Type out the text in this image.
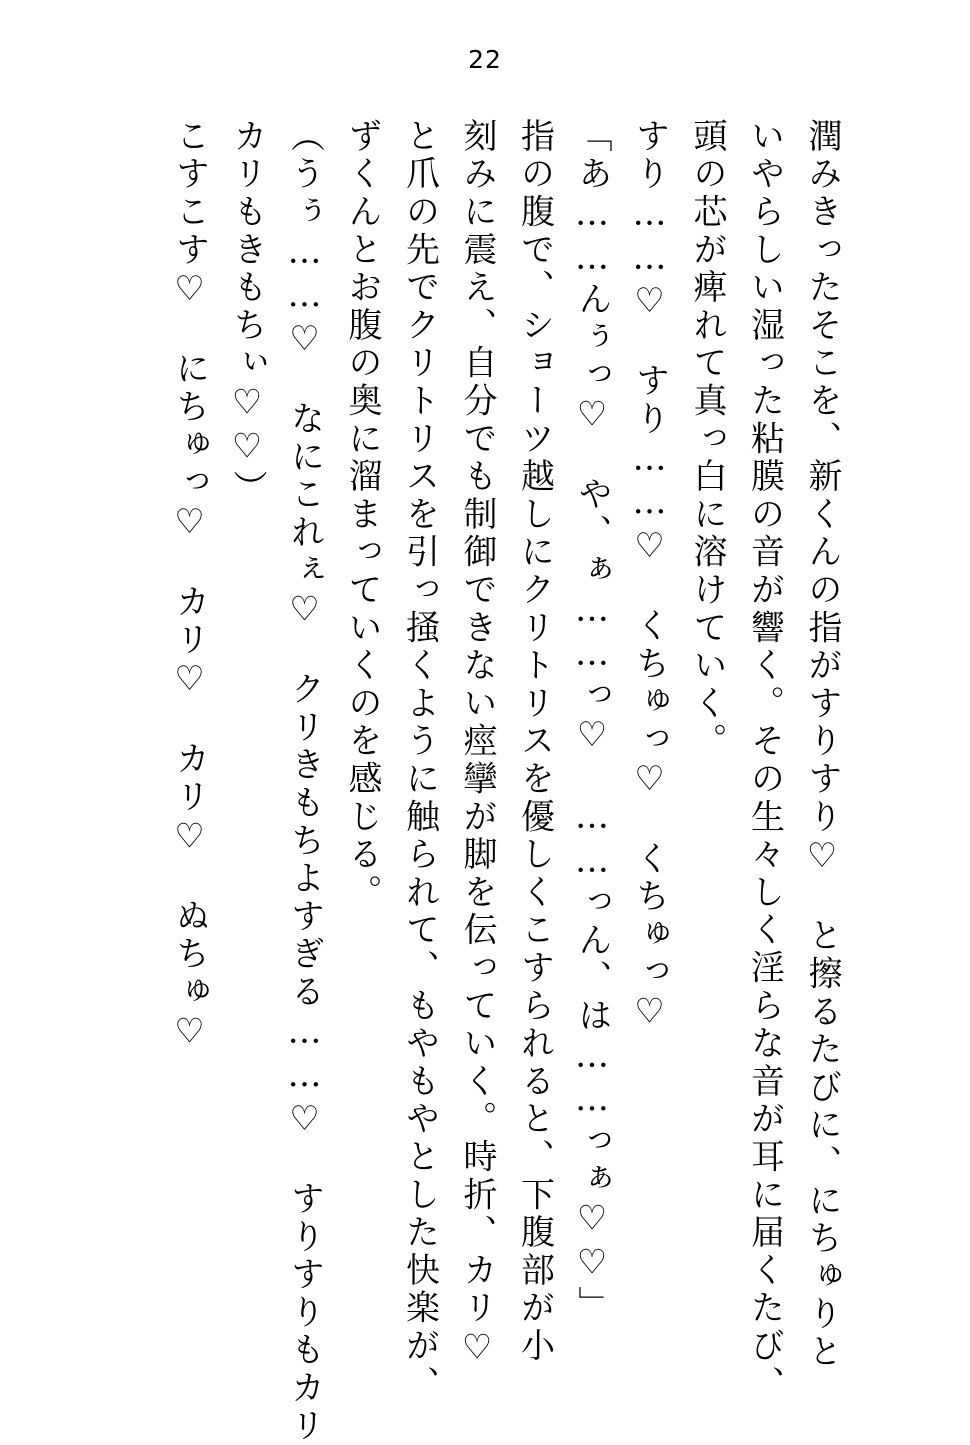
22
潤みきったそこを、新くんの指がすりすり♡　と擦るたびに、にちゅりと
いやらしい湿った粘膜の音が響く。その生々しく淫らな音が耳に届くたび、
頭の芯が痺れて真っ白に溶けていく。
すり……♡　すり……♡　くちゅっ♡　くちゅっ♡
「あ……んぅっ♡　や、ぁ……っ♡　……っん、は……っぁ♡♡」
指の腹で、ショーツ越しにクリトリスを優しくこすられると、下腹部が小
刻みに震え、自分でも制御できない痙攣が脚を伝っていく。時折、カリ♡
と爪の先でクリトリスを引っ掻くように触られて、もやもやとした快楽が、
ずくんとお腹の奥に溜まっていくのを感じる。
（うぅ……♡　なにこれぇ♡　クリきもちよすぎる……♡　すりすりもカリ
カリもきもちぃ♡♡）
こすこす♡　にちゅっ♡　カリ♡　カリ♡　ぬちゅ♡
